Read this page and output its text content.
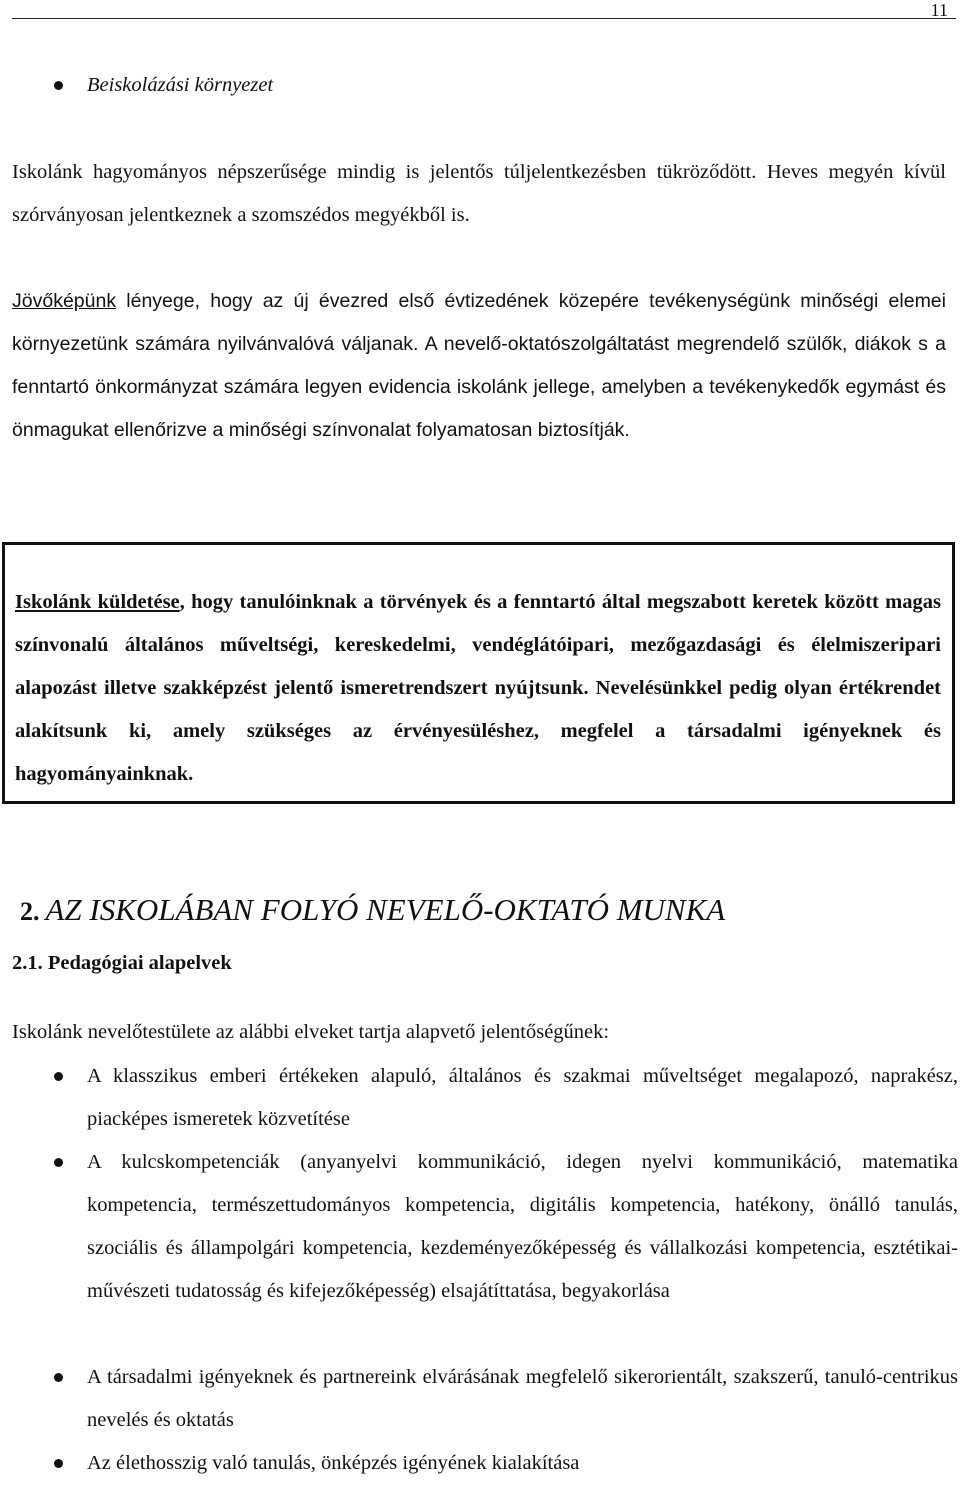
11

Beiskolázási környezet

Iskolánk hagyományos népszerűsége mindig is jelentős túljelentkezésben tükröződött. Heves megyén kívül szórványosan jelentkeznek a szomszédos megyékből is.

Jövőképünk lényege, hogy az új évezred első évtizedének közepére tevékenységünk minőségi elemei környezetünk számára nyilvánvalóvá váljanak. A nevelő-oktatószolgáltatást megrendelő szülők, diákok s a fenntartó önkormányzat számára legyen evidencia iskolánk jellege, amelyben a tevékenykedők egymást és önmagukat ellenőrizve a minőségi színvonalat folyamatosan biztosítják.

Iskolánk küldetése, hogy tanulóinknak a törvények és a fenntartó által megszabott keretek között magas színvonalú általános műveltségi, kereskedelmi, vendéglátóipari, mezőgazdasági és élelmiszeripari alapozást illetve szakképzést jelentő ismeretrendszert nyújtsunk. Nevelésünkkel pedig olyan értékrendet alakítsunk ki, amely szükséges az érvényesüléshez, megfelel a társadalmi igényeknek és hagyományainknak.

2. AZ ISKOLÁBAN FOLYÓ NEVELŐ-OKTATÓ MUNKA
2.1. Pedagógiai alapelvek

Iskolánk nevelőtestülete az alábbi elveket tartja alapvető jelentőségűnek:

A klasszikus emberi értékeken alapuló, általános és szakmai műveltséget megalapozó, naprakész, piacképes ismeretek közvetítése

A kulcskompetenciák (anyanyelvi kommunikáció, idegen nyelvi kommunikáció, matematika kompetencia, természettudományos kompetencia, digitális kompetencia, hatékony, önálló tanulás, szociális és állampolgári kompetencia, kezdeményezőképesség és vállalkozási kompetencia, esztétikai-művészeti tudatosság és kifejezőképesség) elsajátíttatása, begyakorlása

A társadalmi igényeknek és partnereink elvárásának megfelelő sikerorientált, szakszerű, tanuló-centrikus nevelés és oktatás

Az élethosszig való tanulás, önképzés igényének kialakítása
